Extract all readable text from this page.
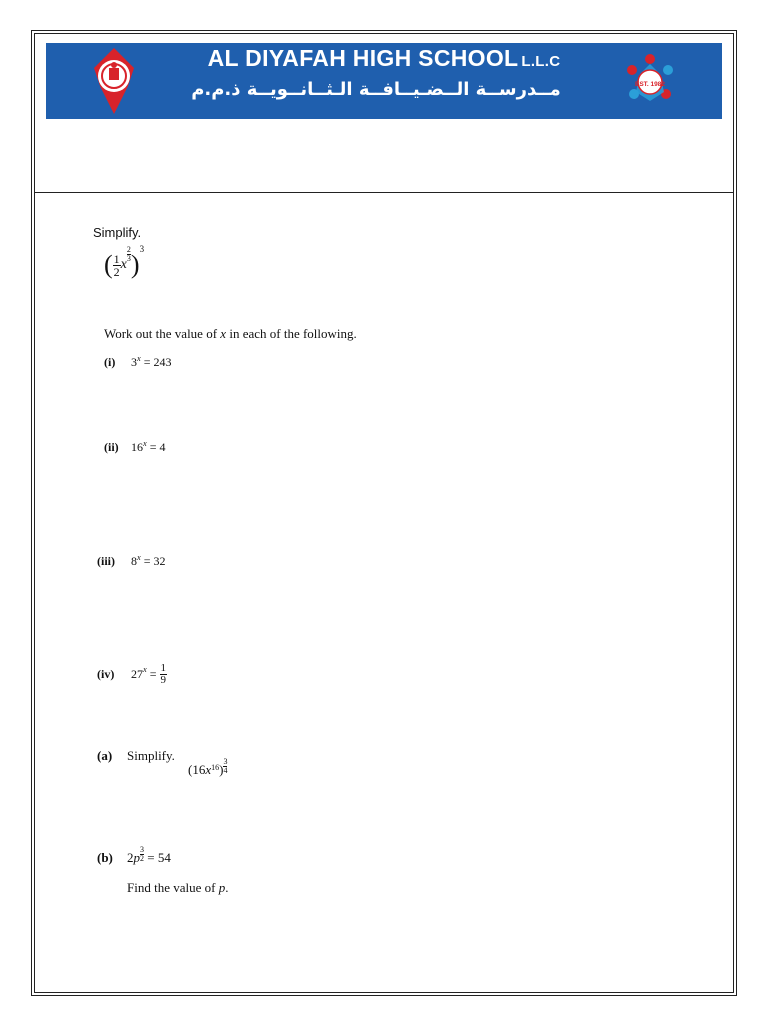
AL DIYAFAH HIGH SCHOOL L.L.C
مــدرســة الــضـيــافــة الـثــانــويــة ذ.م.م	EST. 1982
Simplify.
( $\frac{1}{2}$ x
$\frac{2}{3} )^3$
Work out the value of x in each of the following.
(i) $3^x = 243$
(ii) $16^x = 4$
(iii) $8^x = 32$
(iv) $27^x = \frac{1}{9}$
(a) Simplify.
$(16x^{16}) \frac{3}{4}$
(b) $2p \frac{3}{2} = 54$
Find the value of p.
